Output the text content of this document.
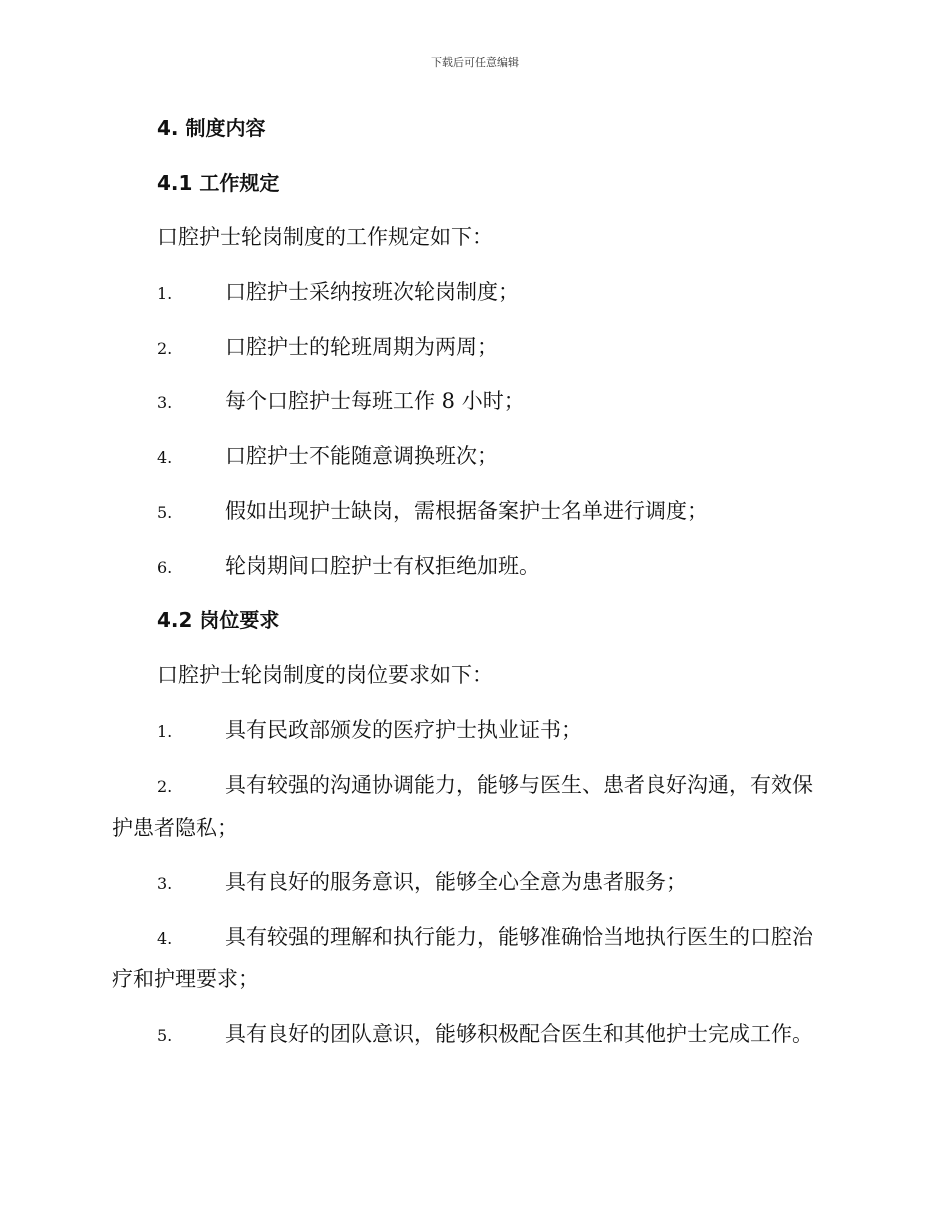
下载后可任意编辑
4. 制度内容
4.1 工作规定
口腔护士轮岗制度的工作规定如下：
1.	口腔护士采纳按班次轮岗制度；
2.	口腔护士的轮班周期为两周；
3.	每个口腔护士每班工作 8 小时；
4.	口腔护士不能随意调换班次；
5.	假如出现护士缺岗，需根据备案护士名单进行调度；
6.	轮岗期间口腔护士有权拒绝加班。
4.2 岗位要求
口腔护士轮岗制度的岗位要求如下：
1.	具有民政部颁发的医疗护士执业证书；
2.	具有较强的沟通协调能力，能够与医生、患者良好沟通，有效保
护患者隐私；
3.	具有良好的服务意识，能够全心全意为患者服务；
4.	具有较强的理解和执行能力，能够准确恰当地执行医生的口腔治
疗和护理要求；
5.	具有良好的团队意识，能够积极配合医生和其他护士完成工作。
